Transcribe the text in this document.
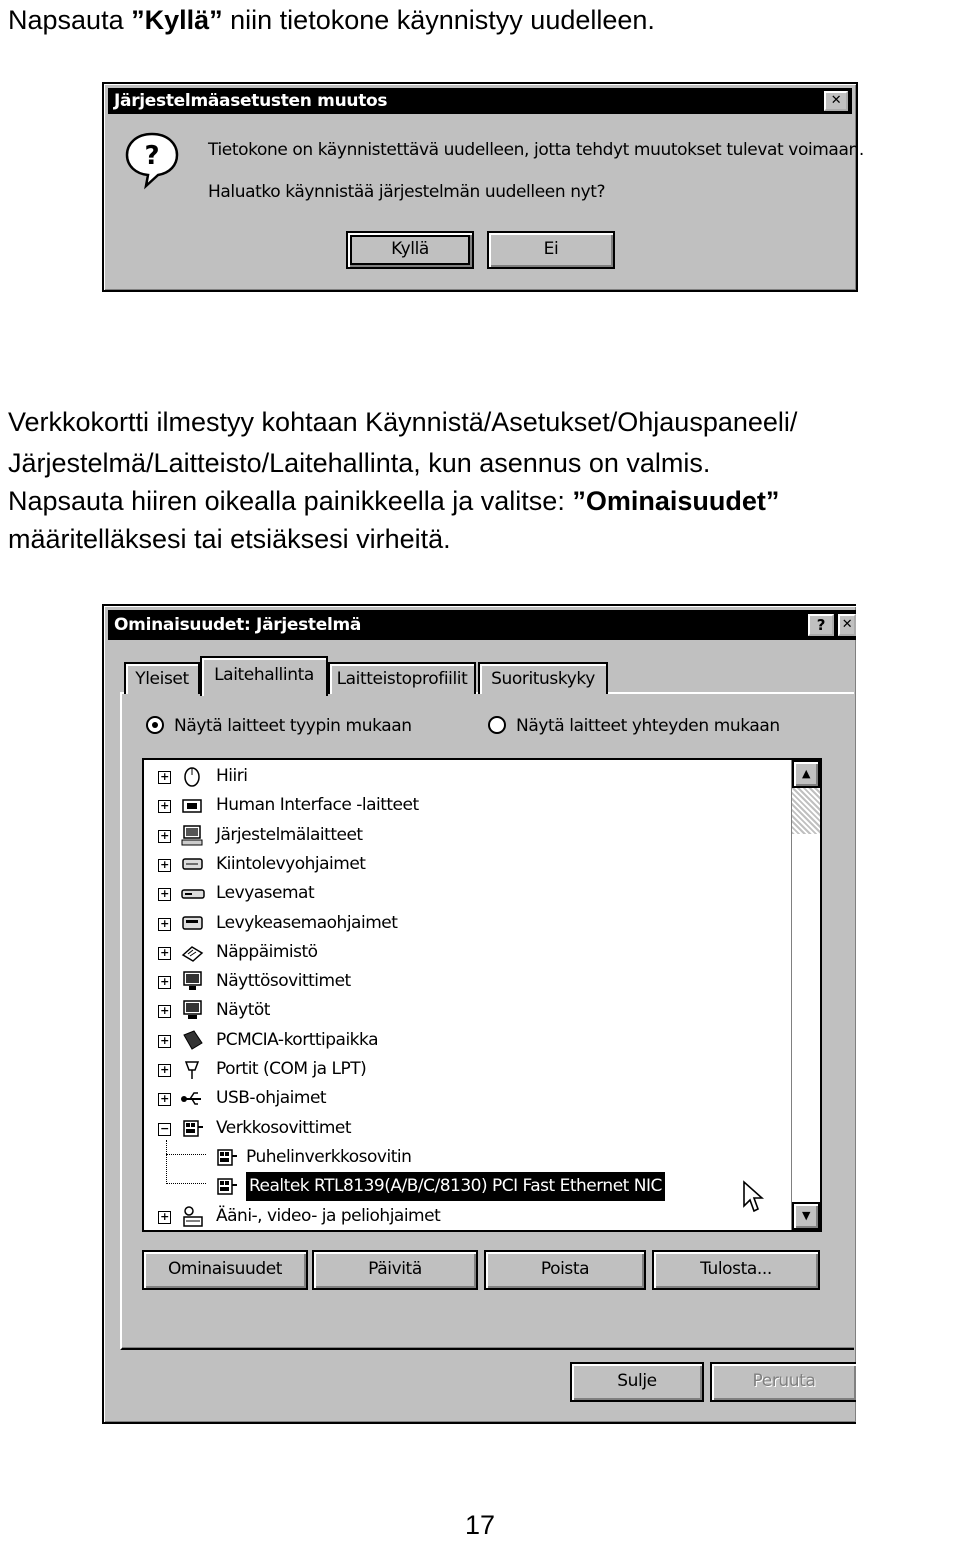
Napsauta ”Kyllä” niin tietokone käynnistyy uudelleen.
Järjestelmäasetusten muutos	✕
?	Tietokone on käynnistettävä uudelleen, jotta tehdyt muutokset tulevat voimaan.
Haluatko käynnistää järjestelmän uudelleen nyt?
Kyllä	Ei
Verkkokortti ilmestyy kohtaan Käynnistä/Asetukset/Ohjauspaneeli/
Järjestelmä/Laitteisto/Laitehallinta, kun asennus on valmis.
Napsauta hiiren oikealla painikkeella ja valitse: ”Ominaisuudet”
määritelläksesi tai etsiäksesi virheitä.
Ominaisuudet: Järjestelmä	?	✕
Yleiset	Laitehallinta	Laitteistoprofiilit	Suorituskyky
Näytä laitteet tyypin mukaan	Näytä laitteet yhteyden mukaan
+	Hiiri
+	Human Interface -laitteet
+	Järjestelmälaitteet
+	Kiintolevyohjaimet
+	Levyasemat
+	Levykeasemaohjaimet
+	Näppäimistö
+	Näyttösovittimet
+	Näytöt
+	PCMCIA-korttipaikka
+	Portit (COM ja LPT)
+	USB-ohjaimet
−	Verkkosovittimet
Puhelinverkkosovitin
Realtek RTL8139(A/B/C/8130) PCI Fast Ethernet NIC
+	Ääni-, video- ja peliohjaimet
▲
▼
Ominaisuudet	Päivitä	Poista	Tulosta...
Sulje	Peruuta
17
